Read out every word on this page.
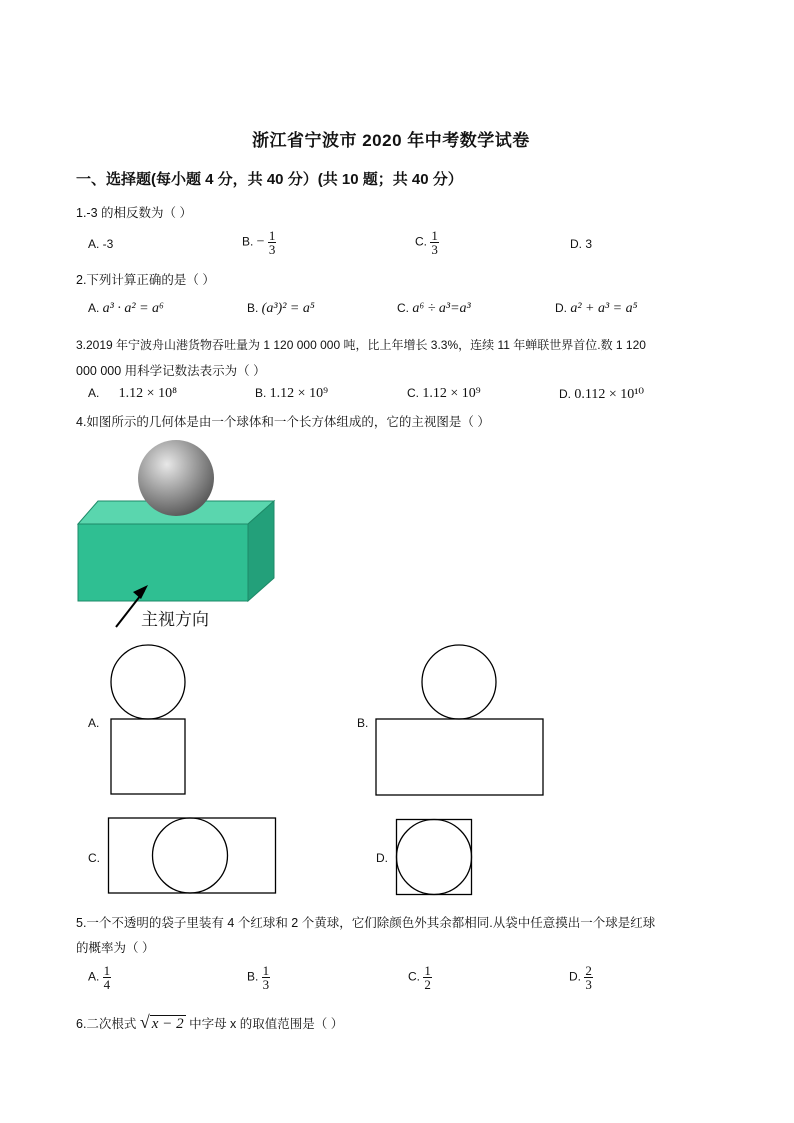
浙江省宁波市 2020 年中考数学试卷
一、选择题(每小题 4 分，共 40 分）(共 10 题；共 40 分）
1.-3 的相反数为（ ）
A. -3	B. − $\frac{1}{3}$	C. $\frac{1}{3}$	D. 3
2.下列计算正确的是（ ）
A. a³ · a² = a⁶	B. (a³)² = a⁵	C. a⁶ ÷ a³=a³	D. a² + a³ = a⁵
3.2019 年宁波舟山港货物吞吐量为 1 120 000 000 吨，比上年增长 3.3%，连续 11 年蝉联世界首位.数 1 120
000 000 用科学记数法表示为（ ）
A. 1.12 × 10⁸	B. 1.12 × 10⁹	C. 1.12 × 10⁹	D. 0.112 × 10¹⁰
4.如图所示的几何体是由一个球体和一个长方体组成的，它的主视图是（ ）
主视方向
A.	B.
C.	D.
5.一个不透明的袋子里装有 4 个红球和 2 个黄球，它们除颜色外其余都相同.从袋中任意摸出一个球是红球
的概率为（ ）
A. $\frac{1}{4}$	B. $\frac{1}{3}$	C. $\frac{1}{2}$	D. $\frac{2}{3}$
6.二次根式 √ x − 2 中字母 x 的取值范围是（ ）
